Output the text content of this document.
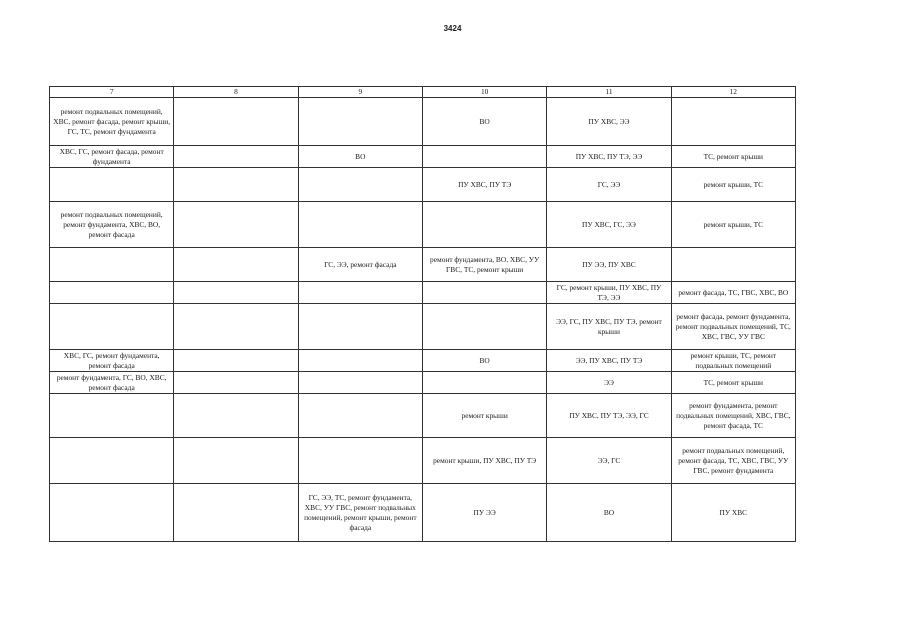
3424
7	8	9	10	11	12
ремонт подвальных помещений, ХВС, ремонт фасада, ремонт крыши, ГС, ТС, ремонт фундамента			ВО	ПУ ХВС, ЭЭ	
ХВС, ГС, ремонт фасада, ремонт фундамента		ВО		ПУ ХВС, ПУ ТЭ, ЭЭ	ТС, ремонт крыши
			ПУ ХВС, ПУ ТЭ	ГС, ЭЭ	ремонт крыши, ТС
ремонт подвальных помещений, ремонт фундамента, ХВС, ВО, ремонт фасада				ПУ ХВС, ГС, ЭЭ	ремонт крыши, ТС
		ГС, ЭЭ, ремонт фасада	ремонт фундамента, ВО, ХВС, УУ ГВС, ТС, ремонт крыши	ПУ ЭЭ, ПУ ХВС	
				ГС, ремонт крыши, ПУ ХВС, ПУ ТЭ, ЭЭ	ремонт фасада, ТС, ГВС, ХВС, ВО
				ЭЭ, ГС, ПУ ХВС, ПУ ТЭ, ремонт крыши	ремонт фасада, ремонт фундамента, ремонт подвальных помещений, ТС, ХВС, ГВС, УУ ГВС
ХВС, ГС, ремонт фундамента, ремонт фасада			ВО	ЭЭ, ПУ ХВС, ПУ ТЭ	ремонт крыши, ТС, ремонт подвальных помещений
ремонт фундамента, ГС, ВО, ХВС, ремонт фасада				ЭЭ	ТС, ремонт крыши
			ремонт крыши	ПУ ХВС, ПУ ТЭ, ЭЭ, ГС	ремонт фундамента, ремонт подвальных помещений, ХВС, ГВС, ремонт фасада, ТС
			ремонт крыши, ПУ ХВС, ПУ ТЭ	ЭЭ, ГС	ремонт подвальных помещений, ремонт фасада, ТС, ХВС, ГВС, УУ ГВС, ремонт фундамента
		ГС, ЭЭ, ТС, ремонт фундамента, ХВС, УУ ГВС, ремонт подвальных помещений, ремонт крыши, ремонт фасада	ПУ ЭЭ	ВО	ПУ ХВС
